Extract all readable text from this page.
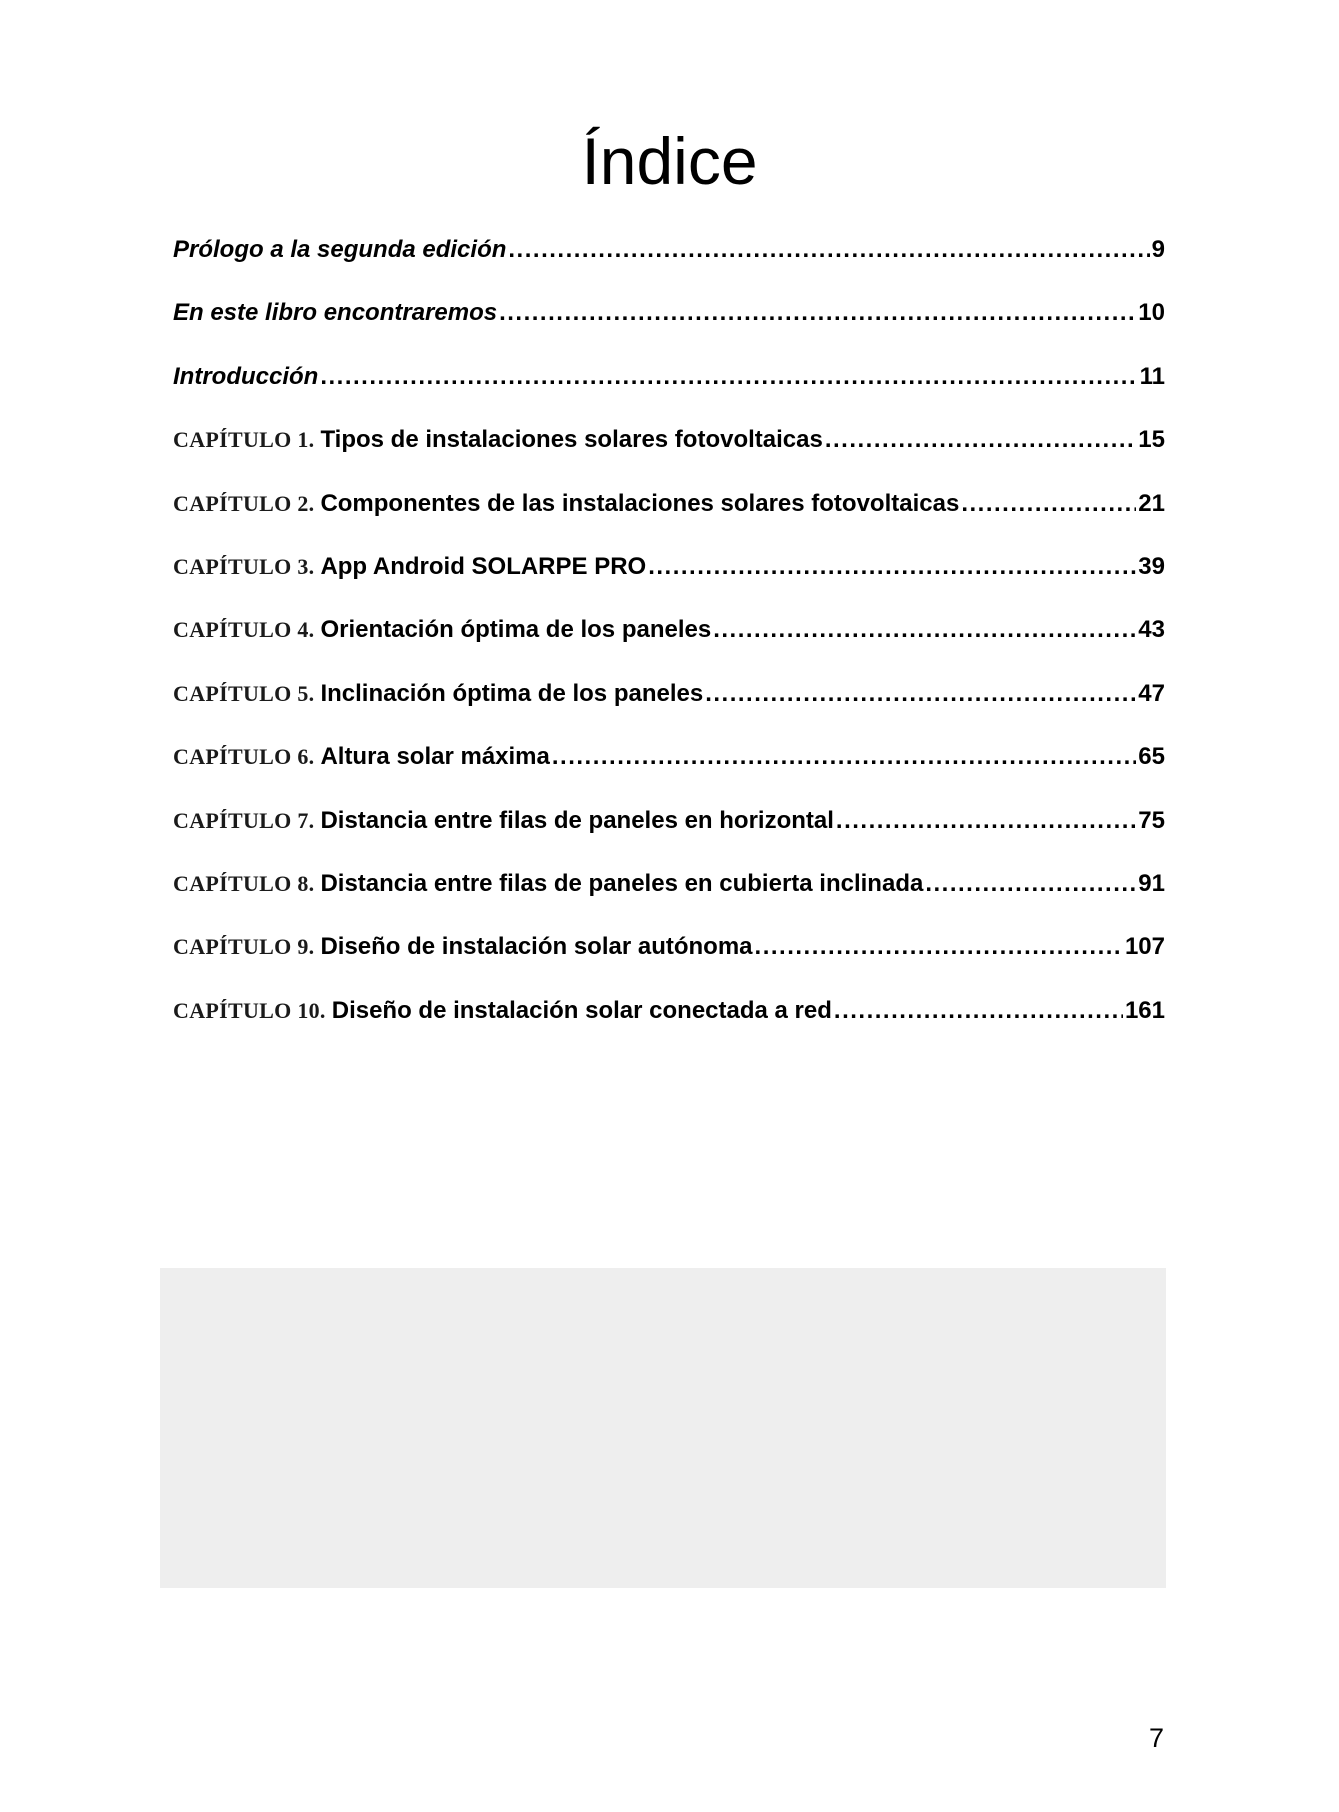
Índice
Prólogo a la segunda edición .....	9
En este libro encontraremos .....	10
Introducción .....	11
CAPÍTULO 1. Tipos de instalaciones solares fotovoltaicas .....	15
CAPÍTULO 2. Componentes de las instalaciones solares fotovoltaicas .....	21
CAPÍTULO 3. App Android SOLARPE PRO .....	39
CAPÍTULO 4. Orientación óptima de los paneles .....	43
CAPÍTULO 5. Inclinación óptima de los paneles .....	47
CAPÍTULO 6. Altura solar máxima .....	65
CAPÍTULO 7. Distancia entre filas de paneles en horizontal .....	75
CAPÍTULO 8. Distancia entre filas de paneles en cubierta inclinada .....	91
CAPÍTULO 9. Diseño de instalación solar autónoma .....	107
CAPÍTULO 10. Diseño de instalación solar conectada a red .....	161
7
